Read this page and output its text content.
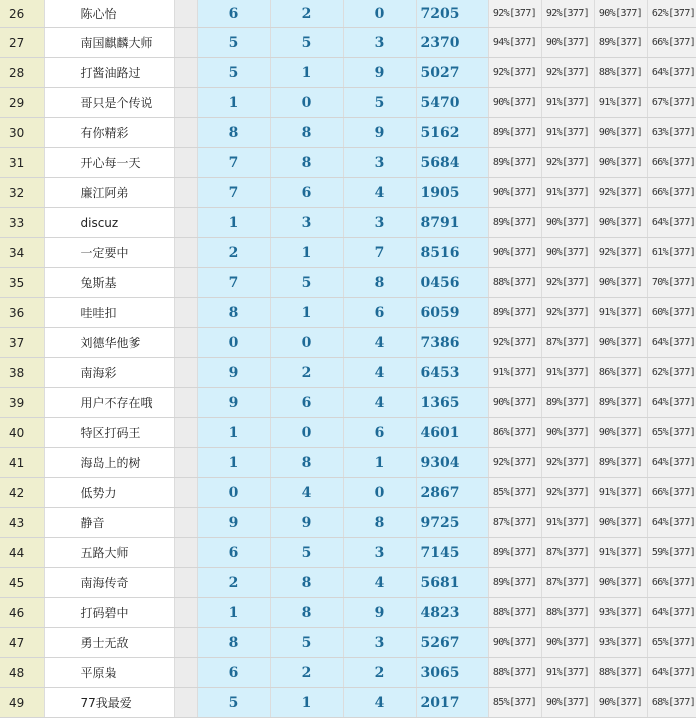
26	陈心怡		6	2	0	7205	92%[377]	92%[377]	90%[377]	62%[377]
27	南国麒麟大师		5	5	3	2370	94%[377]	90%[377]	89%[377]	66%[377]
28	打酱油路过		5	1	9	5027	92%[377]	92%[377]	88%[377]	64%[377]
29	哥只是个传说		1	0	5	5470	90%[377]	91%[377]	91%[377]	67%[377]
30	有你精彩		8	8	9	5162	89%[377]	91%[377]	90%[377]	63%[377]
31	开心每一天		7	8	3	5684	89%[377]	92%[377]	90%[377]	66%[377]
32	廉江阿弟		7	6	4	1905	90%[377]	91%[377]	92%[377]	66%[377]
33	discuz		1	3	3	8791	89%[377]	90%[377]	90%[377]	64%[377]
34	一定要中		2	1	7	8516	90%[377]	90%[377]	92%[377]	61%[377]
35	兔斯基		7	5	8	0456	88%[377]	92%[377]	90%[377]	70%[377]
36	哇哇扣		8	1	6	6059	89%[377]	92%[377]	91%[377]	60%[377]
37	刘德华他爹		0	0	4	7386	92%[377]	87%[377]	90%[377]	64%[377]
38	南海彩		9	2	4	6453	91%[377]	91%[377]	86%[377]	62%[377]
39	用户不存在哦		9	6	4	1365	90%[377]	89%[377]	89%[377]	64%[377]
40	特区打码王		1	0	6	4601	86%[377]	90%[377]	90%[377]	65%[377]
41	海岛上的树		1	8	1	9304	92%[377]	92%[377]	89%[377]	64%[377]
42	低势力		0	4	0	2867	85%[377]	92%[377]	91%[377]	66%[377]
43	静音		9	9	8	9725	87%[377]	91%[377]	90%[377]	64%[377]
44	五路大师		6	5	3	7145	89%[377]	87%[377]	91%[377]	59%[377]
45	南海传奇		2	8	4	5681	89%[377]	87%[377]	90%[377]	66%[377]
46	打码碧中		1	8	9	4823	88%[377]	88%[377]	93%[377]	64%[377]
47	勇士无敌		8	5	3	5267	90%[377]	90%[377]	93%[377]	65%[377]
48	平原枭		6	2	2	3065	88%[377]	91%[377]	88%[377]	64%[377]
49	77我最爱		5	1	4	2017	85%[377]	90%[377]	90%[377]	68%[377]
